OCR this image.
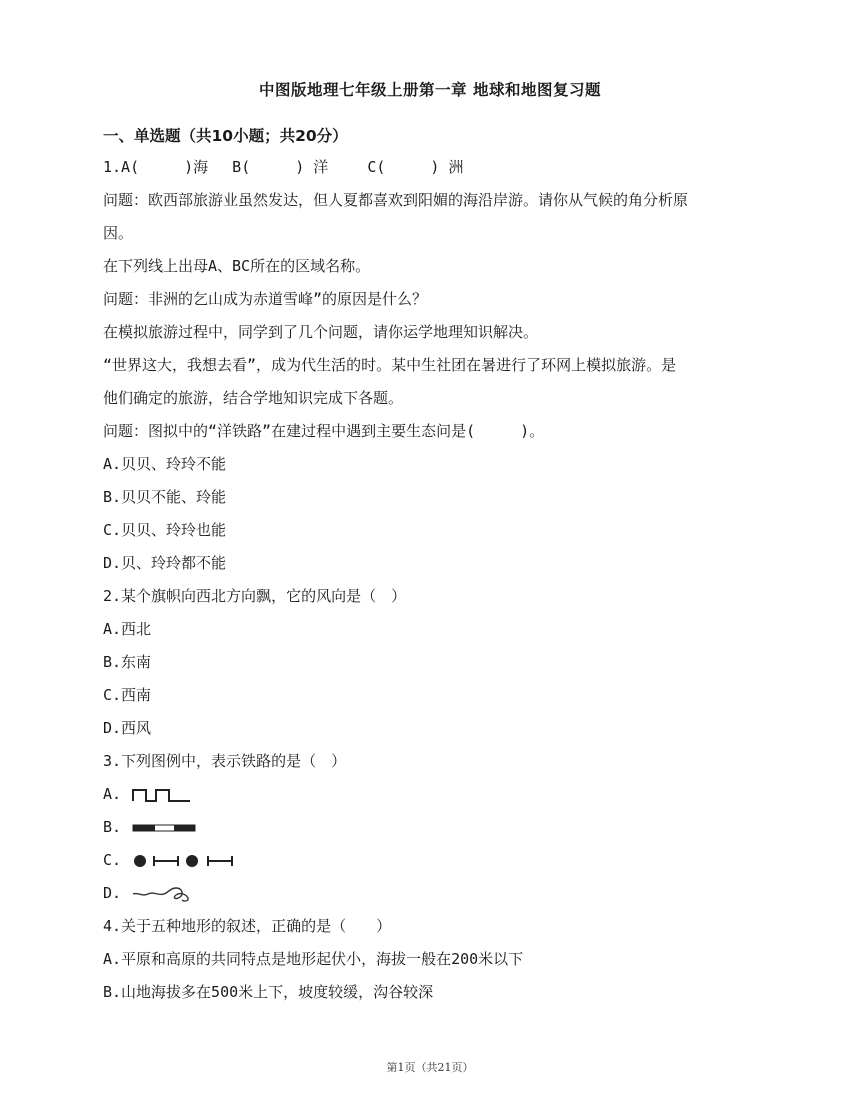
中图版地理七年级上册第一章 地球和地图复习题
一、单选题（共10小题；共20分）
1.A(　　　)海　 B(　　　) 洋　　 C(　　　) 洲
问题：欧西部旅游业虽然发达，但人夏都喜欢到阳媚的海沿岸游。请你从气候的角分析原
因。
在下列线上出母A、BC所在的区域名称。
问题：非洲的乞山成为赤道雪峰”的原因是什么？
在模拟旅游过程中，同学到了几个问题，请你运学地理知识解决。
“世界这大，我想去看”，成为代生活的时。某中生社团在暑进行了环网上模拟旅游。是
他们确定的旅游，结合学地知识完成下各题。
问题：图拟中的“洋铁路”在建过程中遇到主要生态问是(　　　)。
A.贝贝、玲玲不能
B.贝贝不能、玲能
C.贝贝、玲玲也能
D.贝、玲玲都不能
2.某个旗帜向西北方向飘，它的风向是（　）
A.西北
B.东南
C.西南
D.西风
3.下列图例中，表示铁路的是（　）
A.
B.
C.
D.
4.关于五种地形的叙述，正确的是（　　）
A.平原和高原的共同特点是地形起伏小，海拔一般在200米以下
B.山地海拔多在500米上下，坡度较缓，沟谷较深
第1页（共21页）
